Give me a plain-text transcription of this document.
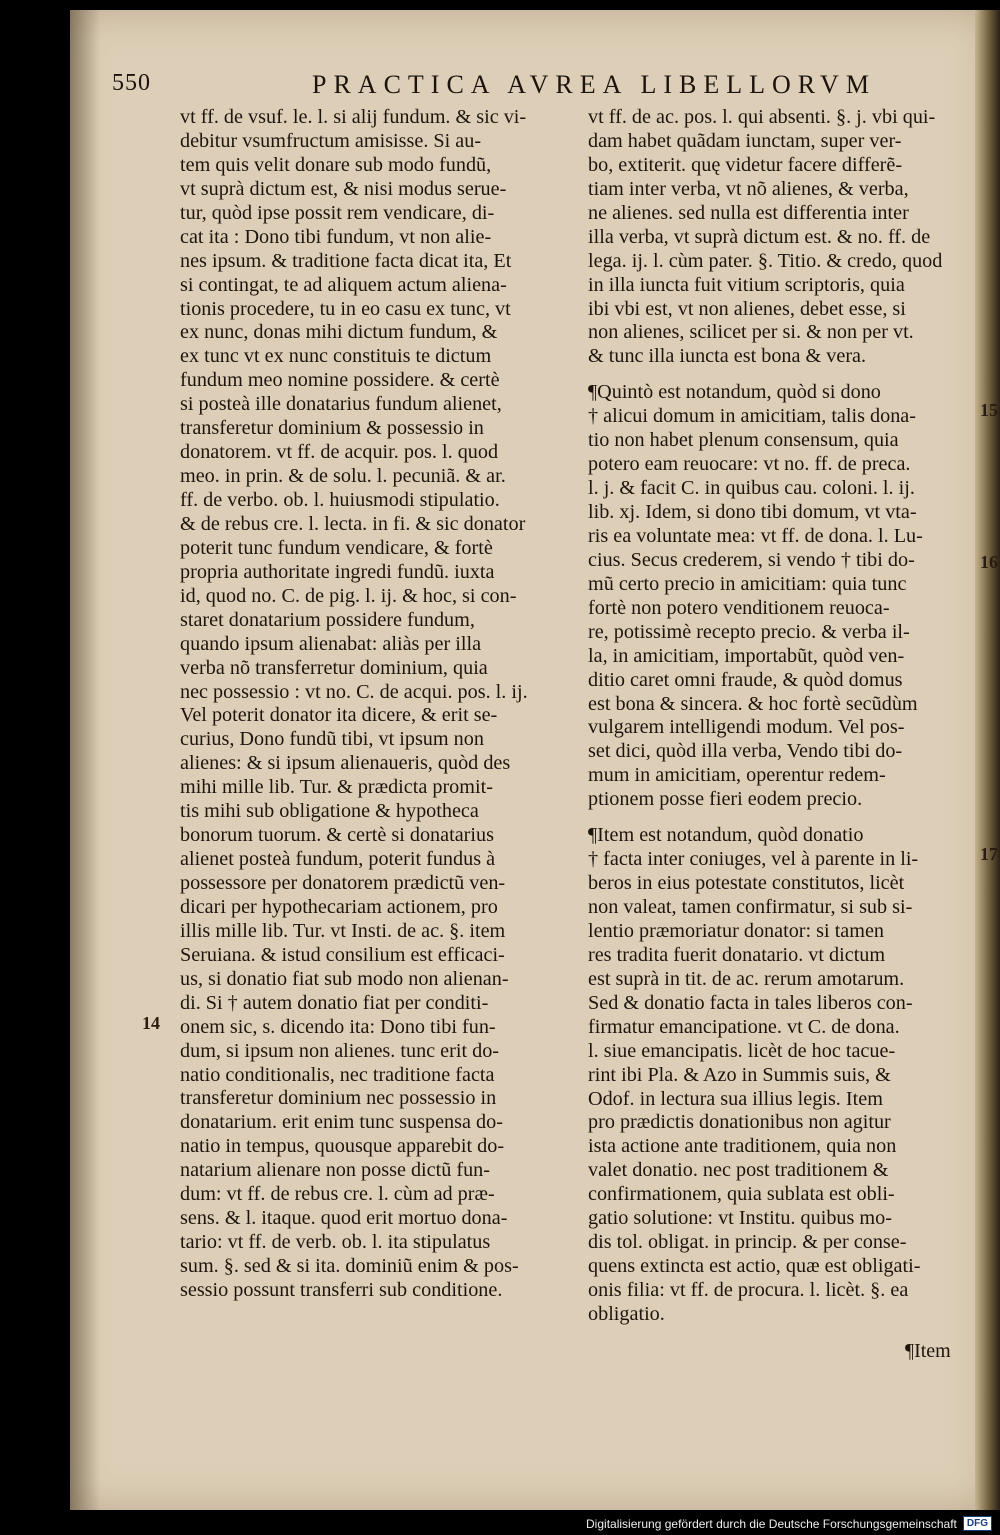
550	PRACTICA AVREA LIBELLORVM
vt ff. de vsuf. le. l. si alij fundum. & sic vi-
debitur vsumfructum amisisse. Si au-
tem quis velit donare sub modo fundũ,
vt suprà dictum est, & nisi modus serue-
tur, quòd ipse possit rem vendicare, di-
cat ita : Dono tibi fundum, vt non alie-
nes ipsum. & traditione facta dicat ita, Et
si contingat, te ad aliquem actum aliena-
tionis procedere, tu in eo casu ex tunc, vt
ex nunc, donas mihi dictum fundum, &
ex tunc vt ex nunc constituis te dictum
fundum meo nomine possidere. & certè
si posteà ille donatarius fundum alienet,
transferetur dominium & possessio in
donatorem. vt ff. de acquir. pos. l. quod
meo. in prin. & de solu. l. pecuniã. & ar.
ff. de verbo. ob. l. huiusmodi stipulatio.
& de rebus cre. l. lecta. in fi. & sic donator
poterit tunc fundum vendicare, & fortè
propria authoritate ingredi fundũ. iuxta
id, quod no. C. de pig. l. ij. & hoc, si con-
staret donatarium possidere fundum,
quando ipsum alienabat: aliàs per illa
verba nõ transferretur dominium, quia
nec possessio : vt no. C. de acqui. pos. l. ij.
Vel poterit donator ita dicere, & erit se-
curius, Dono fundũ tibi, vt ipsum non
alienes: & si ipsum alienaueris, quòd des
mihi mille lib. Tur. & prædicta promit-
tis mihi sub obligatione & hypotheca
bonorum tuorum. & certè si donatarius
alienet posteà fundum, poterit fundus à
possessore per donatorem prædictũ ven-
dicari per hypothecariam actionem, pro
illis mille lib. Tur. vt Insti. de ac. §. item
Seruiana. & istud consilium est efficaci-
us, si donatio fiat sub modo non alienan-
di. Si † autem donatio fiat per conditi-
onem sic, s. dicendo ita: Dono tibi fun-
dum, si ipsum non alienes. tunc erit do-
natio conditionalis, nec traditione facta
transferetur dominium nec possessio in
donatarium. erit enim tunc suspensa do-
natio in tempus, quousque apparebit do-
natarium alienare non posse dictũ fun-
dum: vt ff. de rebus cre. l. cùm ad præ-
sens. & l. itaque. quod erit mortuo dona-
tario: vt ff. de verb. ob. l. ita stipulatus
sum. §. sed & si ita. dominiũ enim & pos-
sessio possunt transferri sub conditione.
vt ff. de ac. pos. l. qui absenti. §. j. vbi qui-
dam habet quãdam iunctam, super ver-
bo, extiterit. quę videtur facere differẽ-
tiam inter verba, vt nõ alienes, & verba,
ne alienes. sed nulla est differentia inter
illa verba, vt suprà dictum est. & no. ff. de
lega. ij. l. cùm pater. §. Titio. & credo, quod
in illa iuncta fuit vitium scriptoris, quia
ibi vbi est, vt non alienes, debet esse, si
non alienes, scilicet per si. & non per vt.
& tunc illa iuncta est bona & vera.
¶Quintò est notandum, quòd si dono
† alicui domum in amicitiam, talis dona-
tio non habet plenum consensum, quia
potero eam reuocare: vt no. ff. de preca.
l. j. & facit C. in quibus cau. coloni. l. ij.
lib. xj. Idem, si dono tibi domum, vt vta-
ris ea voluntate mea: vt ff. de dona. l. Lu-
cius. Secus crederem, si vendo † tibi do-
mũ certo precio in amicitiam: quia tunc
fortè non potero venditionem reuoca-
re, potissimè recepto precio. & verba il-
la, in amicitiam, importabũt, quòd ven-
ditio caret omni fraude, & quòd domus
est bona & sincera. & hoc fortè secũdùm
vulgarem intelligendi modum. Vel pos-
set dici, quòd illa verba, Vendo tibi do-
mum in amicitiam, operentur redem-
ptionem posse fieri eodem precio.
¶Item est notandum, quòd donatio
† facta inter coniuges, vel à parente in li-
beros in eius potestate constitutos, licèt
non valeat, tamen confirmatur, si sub si-
lentio præmoriatur donator: si tamen
res tradita fuerit donatario. vt dictum
est suprà in tit. de ac. rerum amotarum.
Sed & donatio facta in tales liberos con-
firmatur emancipatione. vt C. de dona.
l. siue emancipatis. licèt de hoc tacue-
rint ibi Pla. & Azo in Summis suis, &
Odof. in lectura sua illius legis. Item
pro prædictis donationibus non agitur
ista actione ante traditionem, quia non
valet donatio. nec post traditionem &
confirmationem, quia sublata est obli-
gatio solutione: vt Institu. quibus mo-
dis tol. obligat. in princip. & per conse-
quens extincta est actio, quæ est obligati-
onis filia: vt ff. de procura. l. licèt. §. ea
obligatio.
14
15
16
17
¶Item
Digitalisierung gefördert durch die Deutsche Forschungsgemeinschaft	DFG
